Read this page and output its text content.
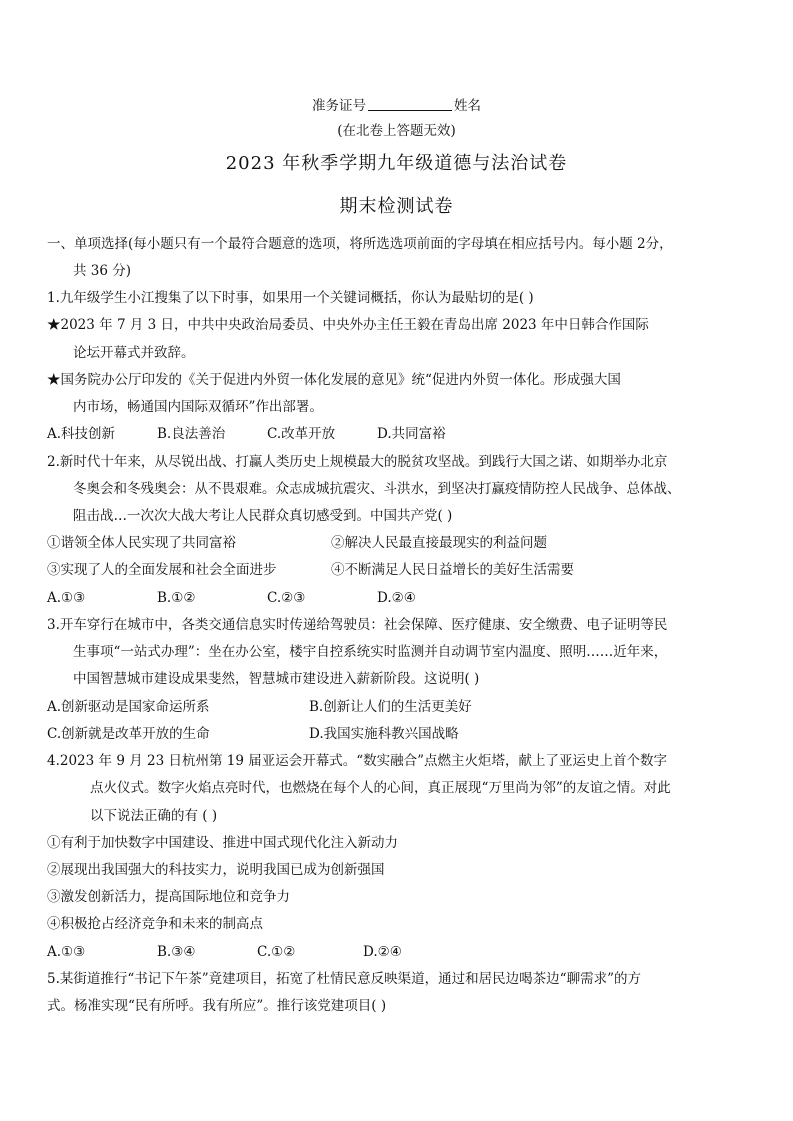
准务证号	姓名
(在北卷上答题无效)
2023 年秋季学期九年级道德与法治试卷
期末检测试卷
一、单项选择(每小题只有一个最符合题意的选项，将所选选项前面的字母填在相应括号内。每小题 2分，
共 36 分)
1.九年级学生小江搜集了以下时事，如果用一个关键词概括，你认为最贴切的是( )
★2023 年 7 月 3 日，中共中央政治局委员、中央外办主任王毅在青岛出席 2023 年中日韩合作国际
论坛开幕式并致辞。
★国务院办公厅印发的《关于促进内外贸一体化发展的意见》统“促进内外贸一体化。形成强大国
内市场，畅通国内国际双循环”作出部署。
A.科技创新	B.良法善治	C.改革开放	D.共同富裕
2.新时代十年来，从尽锐出战、打赢人类历史上规模最大的脱贫攻坚战。到践行大国之诺、如期举办北京
冬奥会和冬残奥会：从不畏艰难。众志成城抗震灾、斗洪水，到坚决打赢疫情防控人民战争、总体战、
阻击战…一次次大战大考让人民群众真切感受到。中国共产党( )
①谐领全体人民实现了共同富裕	②解决人民最直接最现实的利益问题
③实现了人的全面发展和社会全面进步	④不断满足人民日益增长的美好生活需要
A.①③	B.①②	C.②③	D.②④
3.开车穿行在城市中，各类交通信息实时传递给驾驶员：社会保障、医疗健康、安全缴费、电子证明等民
生事项“一站式办理”：坐在办公室，楼宇自控系统实时监测并自动调节室内温度、照明……近年来，
中国智慧城市建设成果斐然，智慧城市建设进入薪新阶段。这说明( )
A.创新驱动是国家命运所系	B.创新让人们的生活更美好
C.创新就是改革开放的生命	D.我国实施科教兴国战略
4.2023 年 9 月 23 日杭州第 19 届亚运会开幕式。“数实融合”点燃主火炬塔，献上了亚运史上首个数字
点火仪式。数字火焰点亮时代，也燃烧在每个人的心间，真正展现“万里尚为邻”的友谊之情。对此
以下说法正确的有 ( )
①有利于加快数字中国建设、推进中国式现代化注入新动力
②展现出我国强大的科技实力，说明我国已成为创新强国
③激发创新活力，提高国际地位和竞争力
④积极抢占经济竞争和未来的制高点
A.①③	B.③④	C.①②	D.②④
5.某街道推行“书记下午茶”竟建项目，拓宽了杜情民意反映渠道，通过和居民边喝茶边“聊需求”的方
式。杨准实现“民有所呼。我有所应”。推行该党建项目( )
